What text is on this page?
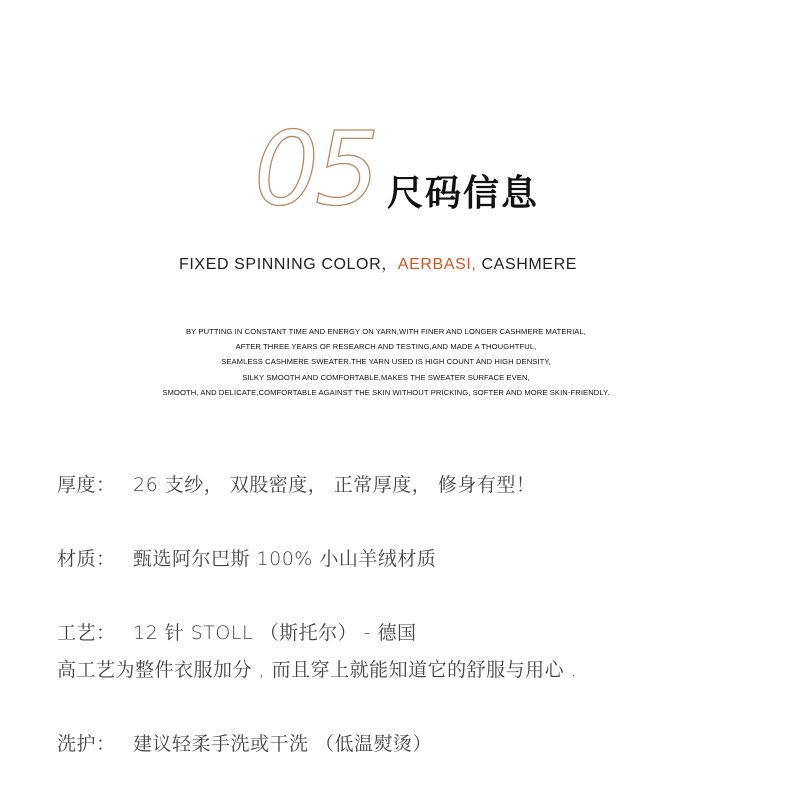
05 尺码信息
FIXED SPINNING COLOR，AERBASI, CASHMERE
BY PUTTING IN CONSTANT TIME AND ENERGY ON YARN,WITH FINER AND LONGER CASHMERE MATERIAL,
AFTER THREE YEARS OF RESEARCH AND TESTING,AND MADE A THOUGHTFUL,
SEAMLESS CASHMERE SWEATER.THE YARN USED IS HIGH COUNT AND HIGH DENSITY,
SILKY SMOOTH AND COMFORTABLE,MAKES THE SWEATER SURFACE EVEN,
SMOOTH, AND DELICATE,COMFORTABLE AGAINST THE SKIN WITHOUT PRICKING, SOFTER AND MORE SKIN-FRIENDLY.
厚度： 26 支纱， 双股密度， 正常厚度， 修身有型！
材质： 甄选阿尔巴斯 100% 小山羊绒材质
工艺： 12 针 STOLL （斯托尔） - 德国
高工艺为整件衣服加分 , 而且穿上就能知道它的舒服与用心 .
洗护： 建议轻柔手洗或干洗 （低温熨烫）
